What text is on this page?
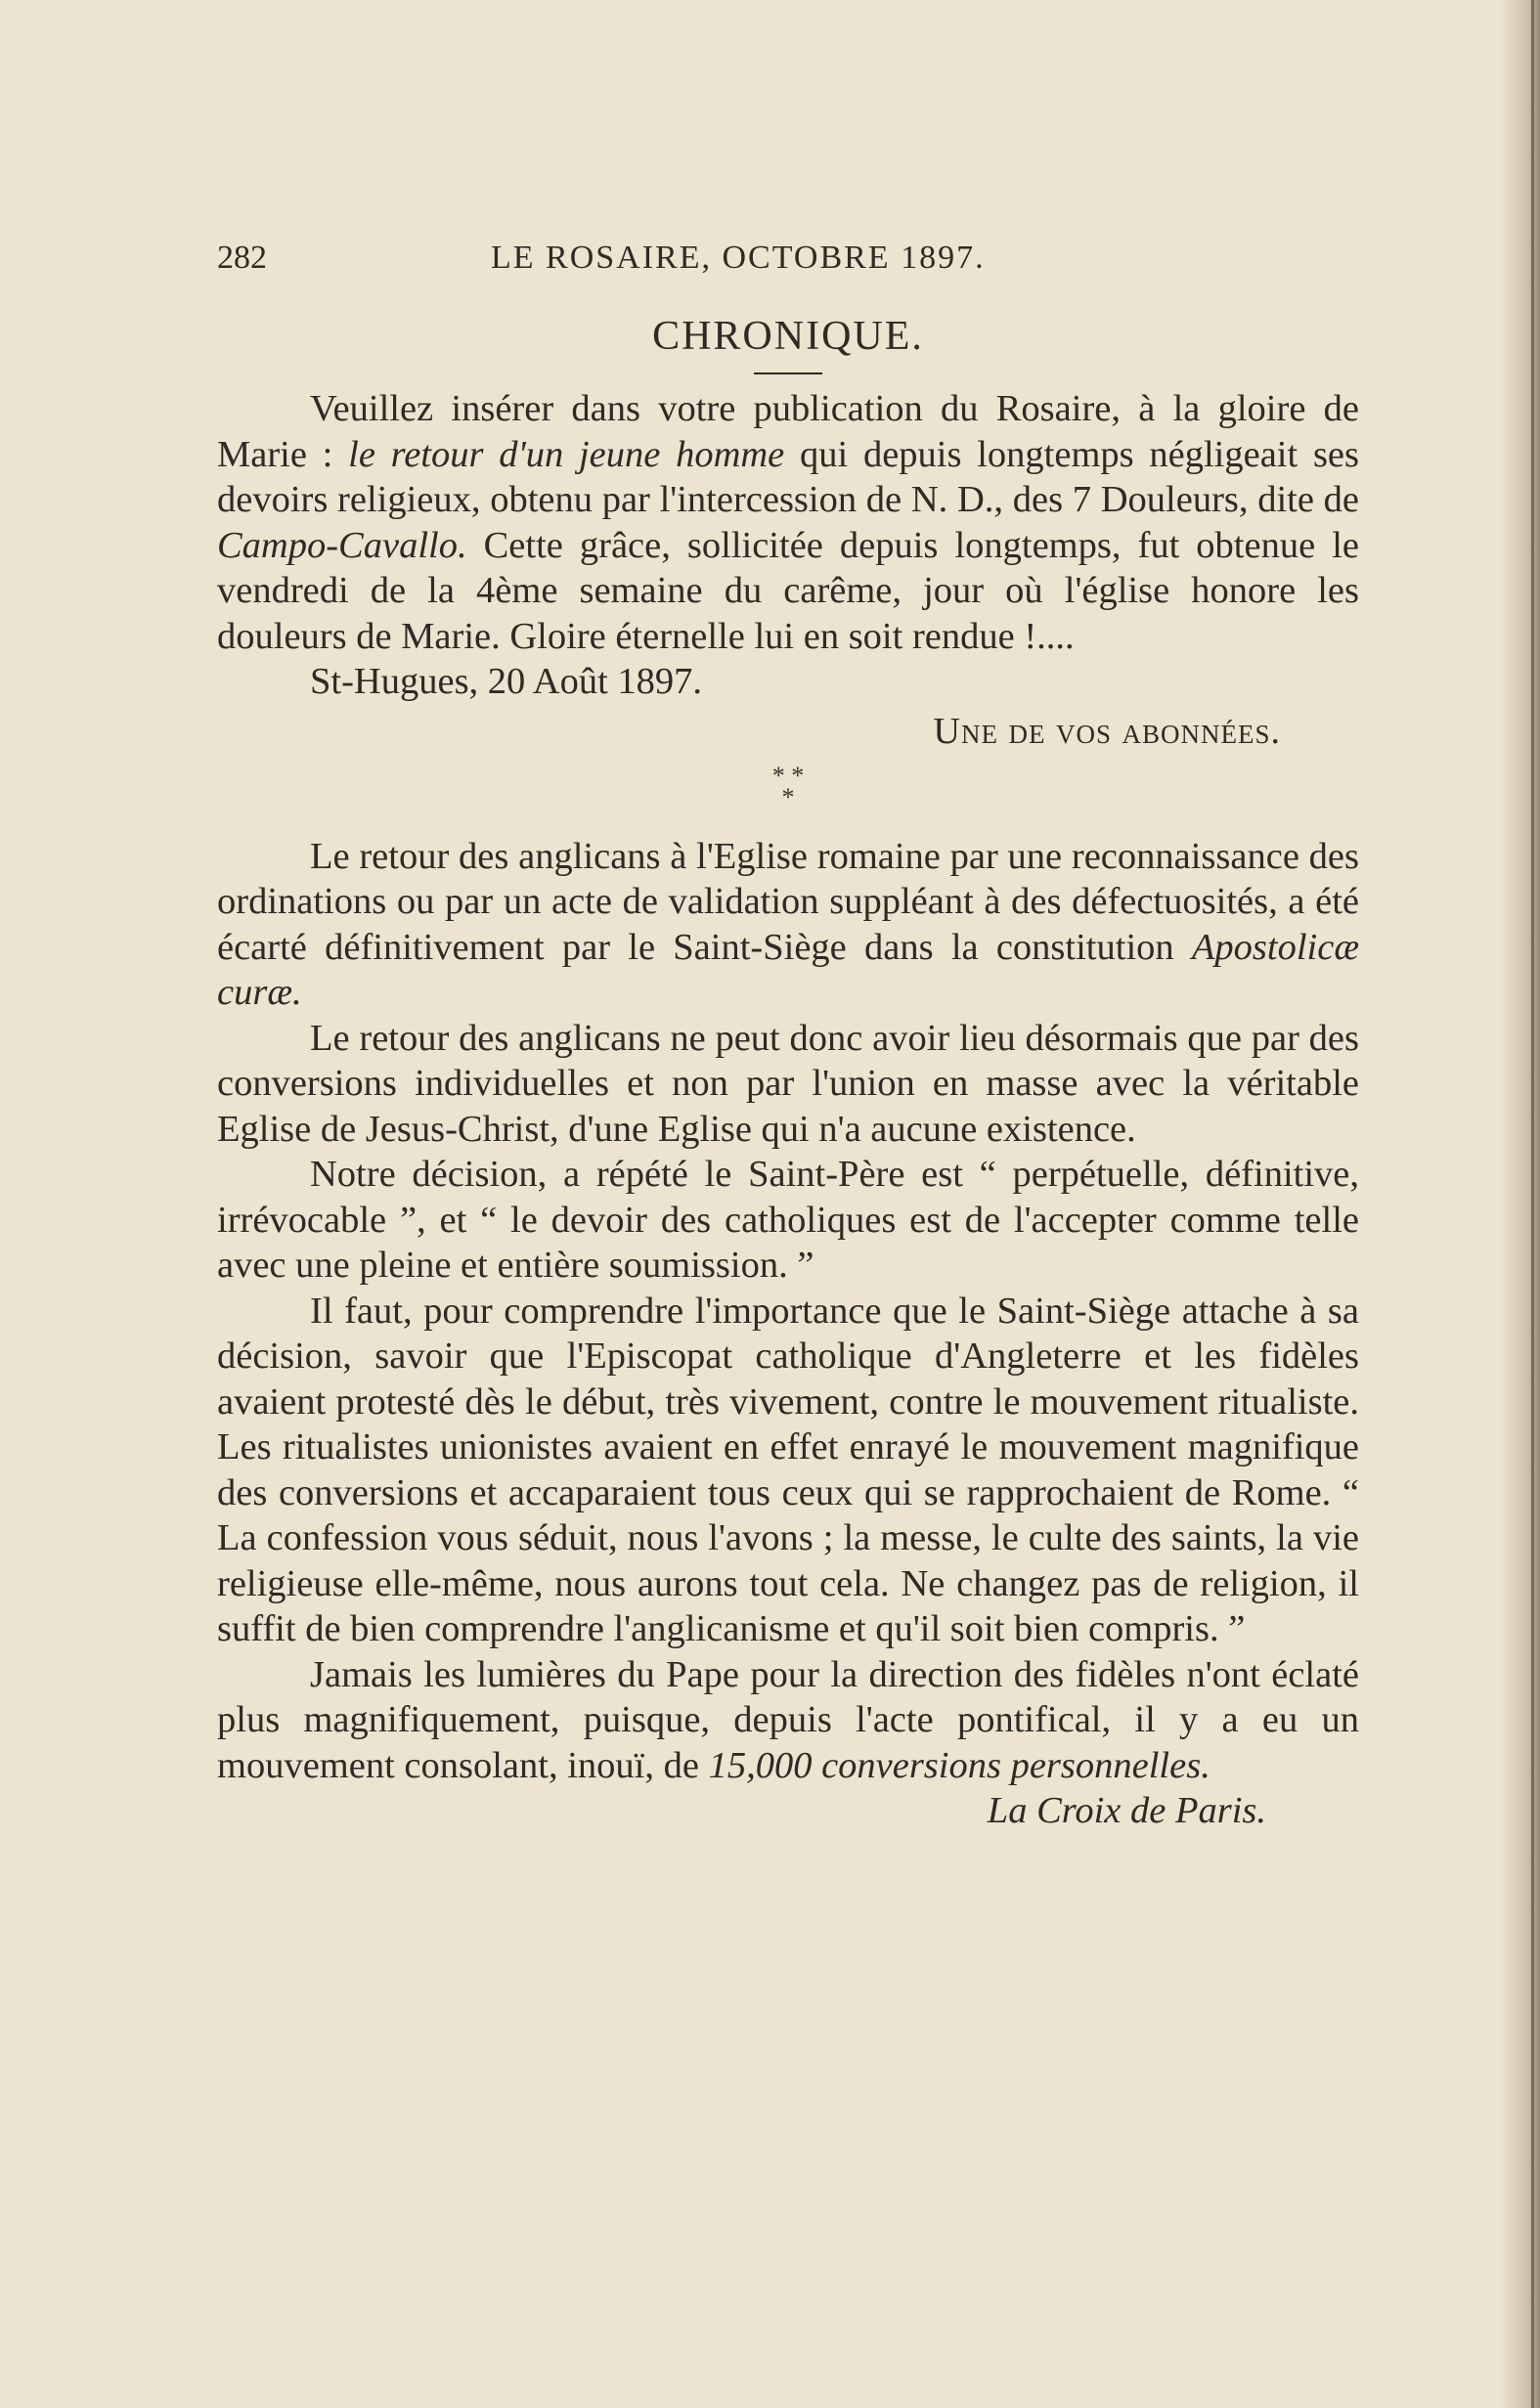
282	LE ROSAIRE, OCTOBRE 1897.
CHRONIQUE.

Veuillez insérer dans votre publication du Rosaire, à la gloire de Marie : le retour d'un jeune homme qui depuis longtemps négligeait ses devoirs religieux, obtenu par l'intercession de N. D., des 7 Douleurs, dite de Campo-Cavallo. Cette grâce, sollicitée depuis longtemps, fut obtenue le vendredi de la 4ème semaine du carême, jour où l'église honore les douleurs de Marie. Gloire éternelle lui en soit rendue !....

St-Hugues, 20 Août 1897.

Une de vos abonnées.
* *
*

Le retour des anglicans à l'Eglise romaine par une reconnaissance des ordinations ou par un acte de validation suppléant à des défectuosités, a été écarté définitivement par le Saint-Siège dans la constitution Apostolicæ curæ.

Le retour des anglicans ne peut donc avoir lieu désormais que par des conversions individuelles et non par l'union en masse avec la véritable Eglise de Jesus-Christ, d'une Eglise qui n'a aucune existence.

Notre décision, a répété le Saint-Père est “ perpétuelle, définitive, irrévocable ”, et “ le devoir des catholiques est de l'accepter comme telle avec une pleine et entière soumission. ”

Il faut, pour comprendre l'importance que le Saint-Siège attache à sa décision, savoir que l'Episcopat catholique d'Angleterre et les fidèles avaient protesté dès le début, très vivement, contre le mouvement ritualiste. Les ritualistes unionistes avaient en effet enrayé le mouvement magnifique des conversions et accaparaient tous ceux qui se rapprochaient de Rome. “ La confession vous séduit, nous l'avons ; la messe, le culte des saints, la vie religieuse elle-même, nous aurons tout cela. Ne changez pas de religion, il suffit de bien comprendre l'anglicanisme et qu'il soit bien compris. ”

Jamais les lumières du Pape pour la direction des fidèles n'ont éclaté plus magnifiquement, puisque, depuis l'acte pontifical, il y a eu un mouvement consolant, inouï, de 15,000 conversions personnelles.

La Croix de Paris.
